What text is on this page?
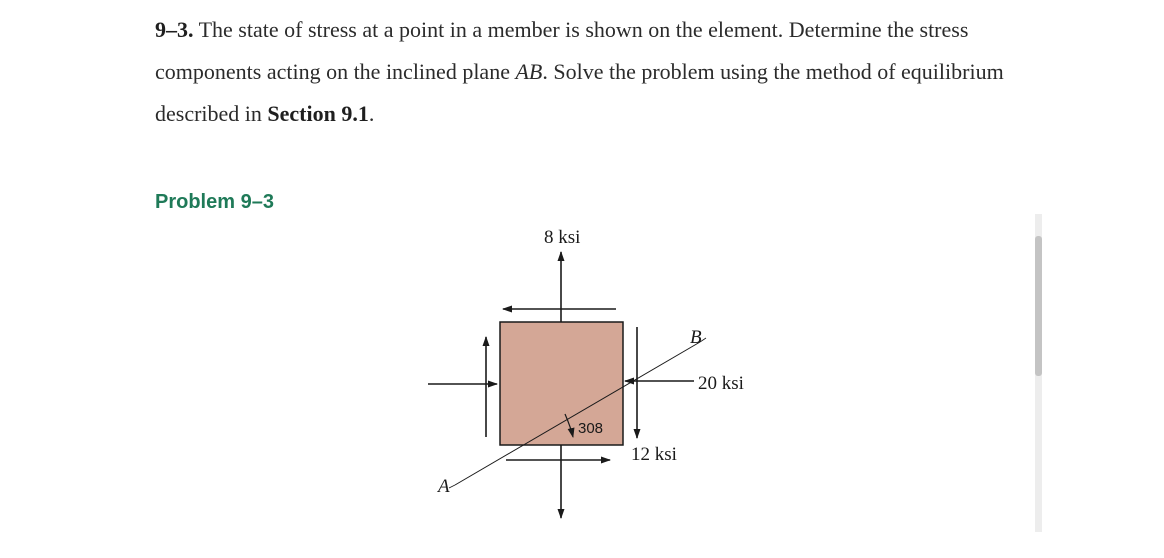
9–3. The state of stress at a point in a member is shown on the element. Determine the stress components acting on the inclined plane AB. Solve the problem using the method of equilibrium described in Section 9.1.

Problem 9–3
8 ksi
20 ksi
12 ksi
308
A
B
